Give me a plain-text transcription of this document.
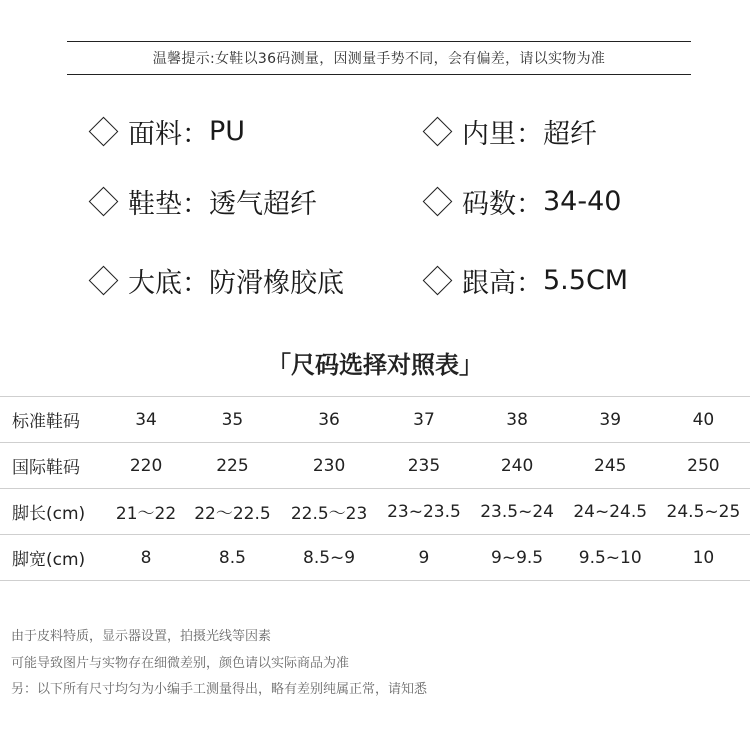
温馨提示:女鞋以36码测量，因测量手势不同，会有偏差，请以实物为准
面料： PU	内里： 超纤
鞋垫： 透气超纤	码数： 34-40
大底： 防滑橡胶底	跟高： 5.5CM
「尺码选择对照表」
标准鞋码	34	35	36	37	38	39	40
国际鞋码	220	225	230	235	240	245	250
脚长(cm)	21～22	22～22.5	22.5～23	23~23.5	23.5~24	24~24.5	24.5~25
脚宽(cm)	8	8.5	8.5~9	9	9~9.5	9.5~10	10
由于皮料特质，显示器设置，拍摄光线等因素
可能导致图片与实物存在细微差别，颜色请以实际商品为准
另：以下所有尺寸均匀为小编手工测量得出，略有差别纯属正常，请知悉
